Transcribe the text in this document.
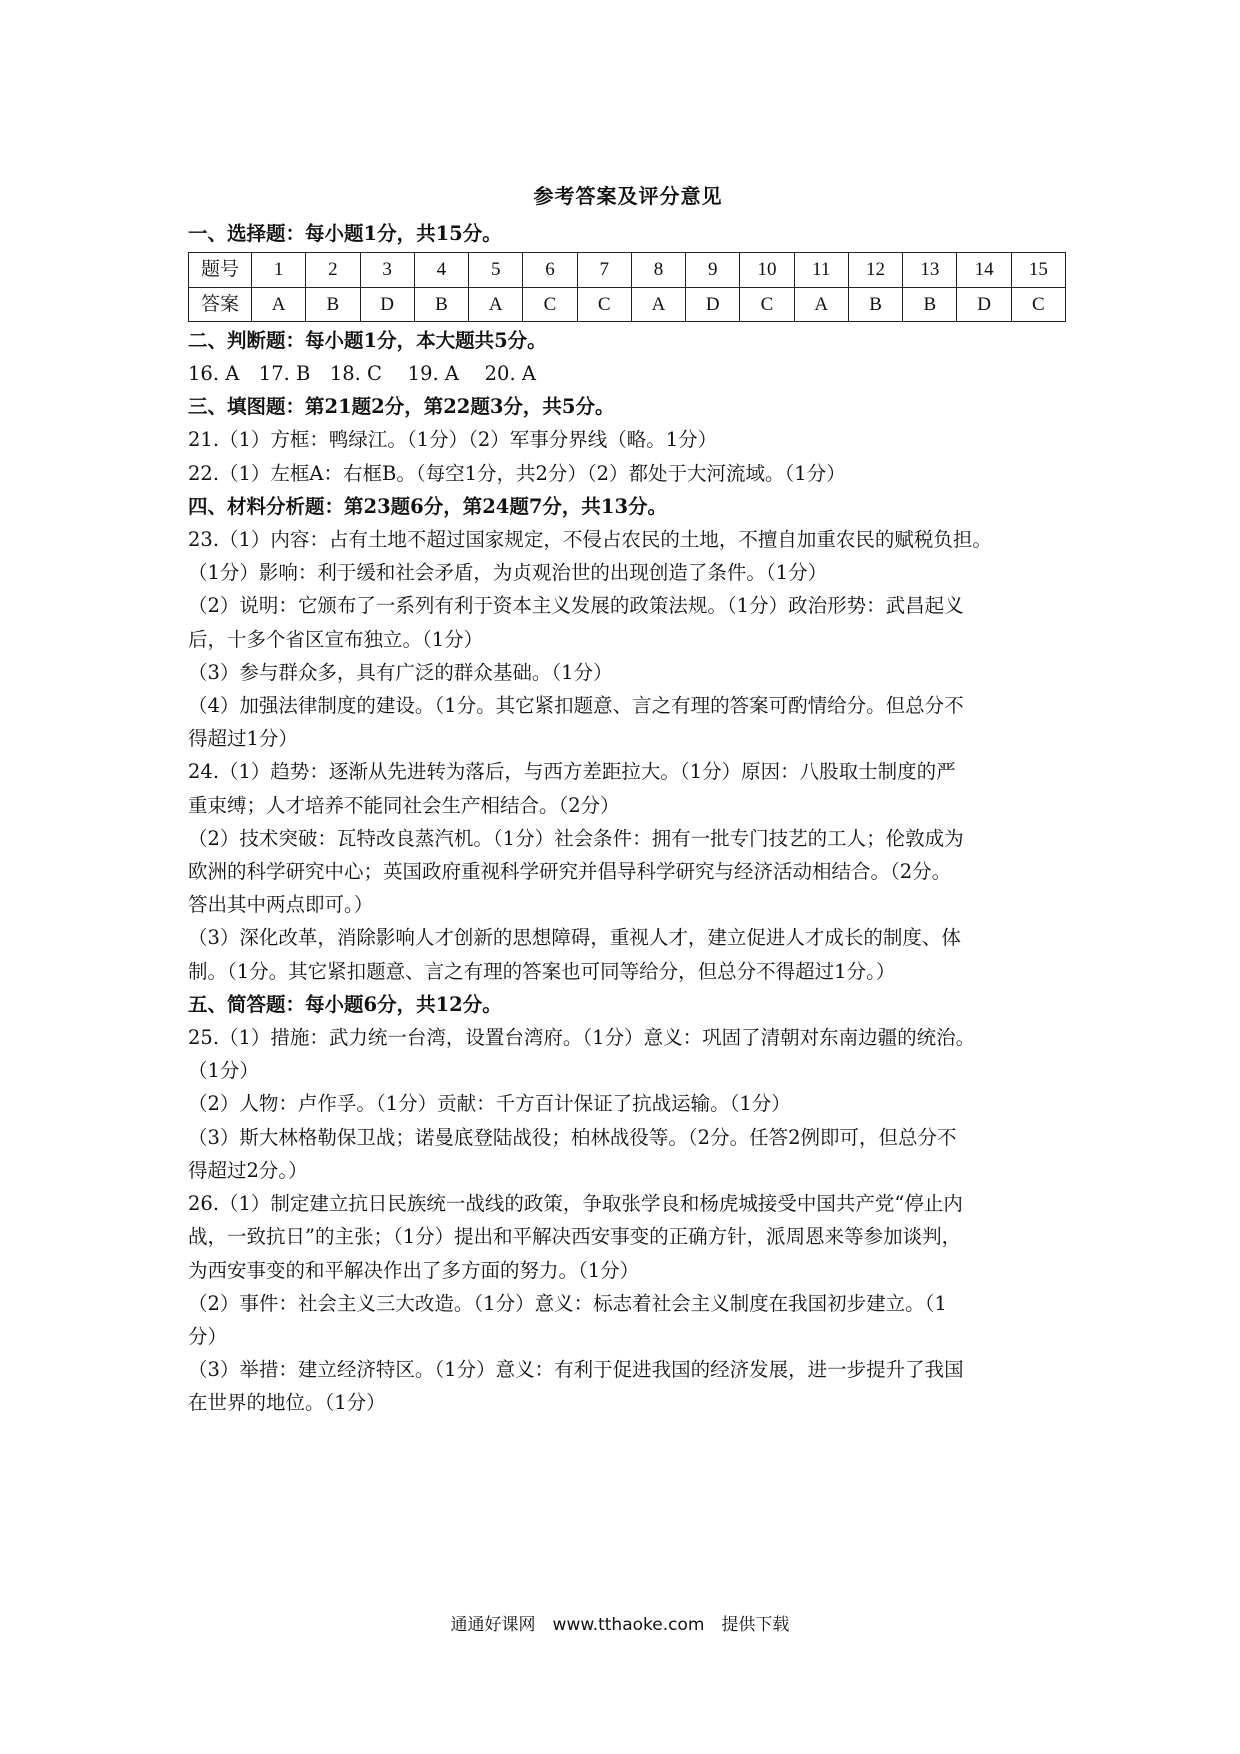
参考答案及评分意见
一、选择题：每小题1分，共15分。
题号	1	2	3	4	5	6	7	8	9	10	11	12	13	14	15
答案	A	B	D	B	A	C	C	A	D	C	A	B	B	D	C
二、判断题：每小题1分，本大题共5分。
16. A　17. B　18. C　 19. A　 20. A
三、填图题：第21题2分，第22题3分，共5分。
21.（1）方框：鸭绿江。（1分）（2）军事分界线（略。1分）
22.（1）左框A：右框B。（每空1分，共2分）（2）都处于大河流域。（1分）
四、材料分析题：第23题6分，第24题7分，共13分。
23.（1）内容：占有土地不超过国家规定，不侵占农民的土地，不擅自加重农民的赋税负担。
（1分）影响：利于缓和社会矛盾，为贞观治世的出现创造了条件。（1分）
（2）说明：它颁布了一系列有利于资本主义发展的政策法规。（1分）政治形势：武昌起义
后，十多个省区宣布独立。（1分）
（3）参与群众多，具有广泛的群众基础。（1分）
（4）加强法律制度的建设。（1分。其它紧扣题意、言之有理的答案可酌情给分。但总分不
得超过1分）
24.（1）趋势：逐渐从先进转为落后，与西方差距拉大。（1分）原因：八股取士制度的严
重束缚；人才培养不能同社会生产相结合。（2分）
（2）技术突破：瓦特改良蒸汽机。（1分）社会条件：拥有一批专门技艺的工人；伦敦成为
欧洲的科学研究中心；英国政府重视科学研究并倡导科学研究与经济活动相结合。（2分。
答出其中两点即可。）
（3）深化改革，消除影响人才创新的思想障碍，重视人才，建立促进人才成长的制度、体
制。（1分。其它紧扣题意、言之有理的答案也可同等给分，但总分不得超过1分。）
五、简答题：每小题6分，共12分。
25.（1）措施：武力统一台湾，设置台湾府。（1分）意义：巩固了清朝对东南边疆的统治。
（1分）
（2）人物：卢作孚。（1分）贡献：千方百计保证了抗战运输。（1分）
（3）斯大林格勒保卫战；诺曼底登陆战役；柏林战役等。（2分。任答2例即可，但总分不
得超过2分。）
26.（1）制定建立抗日民族统一战线的政策，争取张学良和杨虎城接受中国共产党“停止内
战，一致抗日”的主张；（1分）提出和平解决西安事变的正确方针，派周恩来等参加谈判，
为西安事变的和平解决作出了多方面的努力。（1分）
（2）事件：社会主义三大改造。（1分）意义：标志着社会主义制度在我国初步建立。（1
分）
（3）举措：建立经济特区。（1分）意义：有利于促进我国的经济发展，进一步提升了我国
在世界的地位。（1分）
通通好课网　www.tthaoke.com　提供下载
